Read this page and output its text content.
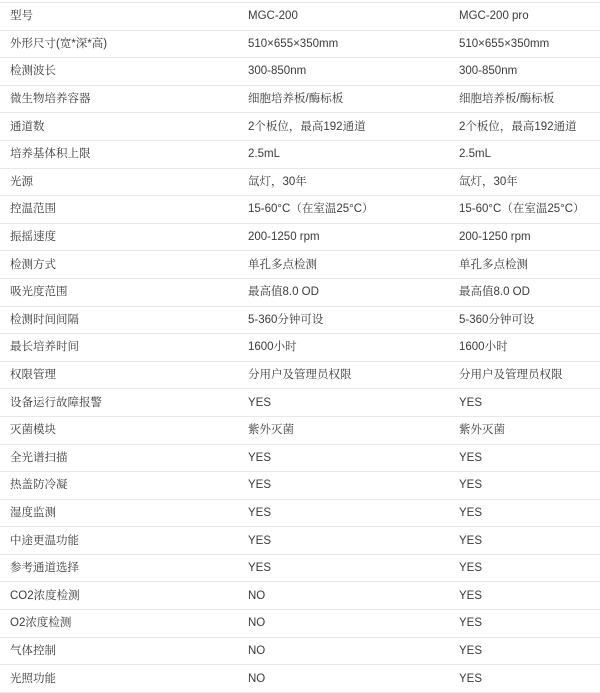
型号	MGC-200	MGC-200 pro
外形尺寸(宽*深*高)	510×655×350mm	510×655×350mm
检测波长	300-850nm	300-850nm
微生物培养容器	细胞培养板/酶标板	细胞培养板/酶标板
通道数	2个板位，最高192通道	2个板位，最高192通道
培养基体积上限	2.5mL	2.5mL
光源	氙灯，30年	氙灯，30年
控温范围	15-60°C（在室温25°C）	15-60°C（在室温25°C）
振摇速度	200-1250 rpm	200-1250 rpm
检测方式	单孔多点检测	单孔多点检测
吸光度范围	最高值8.0 OD	最高值8.0 OD
检测时间间隔	5-360分钟可设	5-360分钟可设
最长培养时间	1600小时	1600小时
权限管理	分用户及管理员权限	分用户及管理员权限
设备运行故障报警	YES	YES
灭菌模块	紫外灭菌	紫外灭菌
全光谱扫描	YES	YES
热盖防冷凝	YES	YES
湿度监测	YES	YES
中途更温功能	YES	YES
参考通道选择	YES	YES
CO2浓度检测	NO	YES
O2浓度检测	NO	YES
气体控制	NO	YES
光照功能	NO	YES
